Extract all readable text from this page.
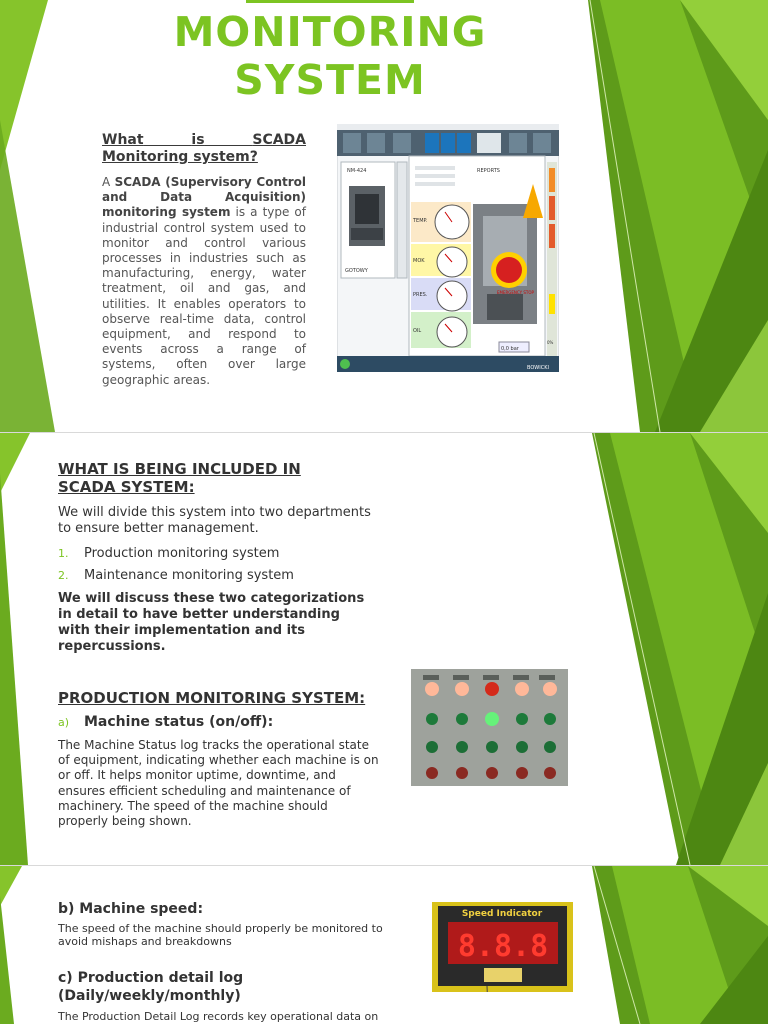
MONITORING
SYSTEM
What	is	SCADA
Monitoring system?
A SCADA (Supervisory Control and Data Acquisition) monitoring system is a type of industrial control system used to monitor and control various processes in industries such as manufacturing, energy, water treatment, oil and gas, and utilities. It enables operators to observe real-time data, control equipment, and respond to events across a range of systems, often over large geographic areas.
NM-424
GOTOWY
REPORTS
TEMP.
MOK
PRES.
OIL
EMERGENCY STOP
0,0 bar
0%
BOWICKI
WHAT IS BEING INCLUDED IN
SCADA SYSTEM:
We will divide this system into two departments
to ensure better management.
1. Production monitoring system
2. Maintenance monitoring system
We will discuss these two categorizations
in detail to have better understanding
with their implementation and its
repercussions.
PRODUCTION MONITORING SYSTEM:
a) Machine status (on/off):
The Machine Status log tracks the operational state
of equipment, indicating whether each machine is on
or off. It helps monitor uptime, downtime, and
ensures efficient scheduling and maintenance of
machinery. The speed of the machine should
properly being shown.
b) Machine speed:
The speed of the machine should properly be monitored to
avoid mishaps and breakdowns
c) Production detail log
(Daily/weekly/monthly)
The Production Detail Log records key operational data on
Speed Indicator
8.8.8
